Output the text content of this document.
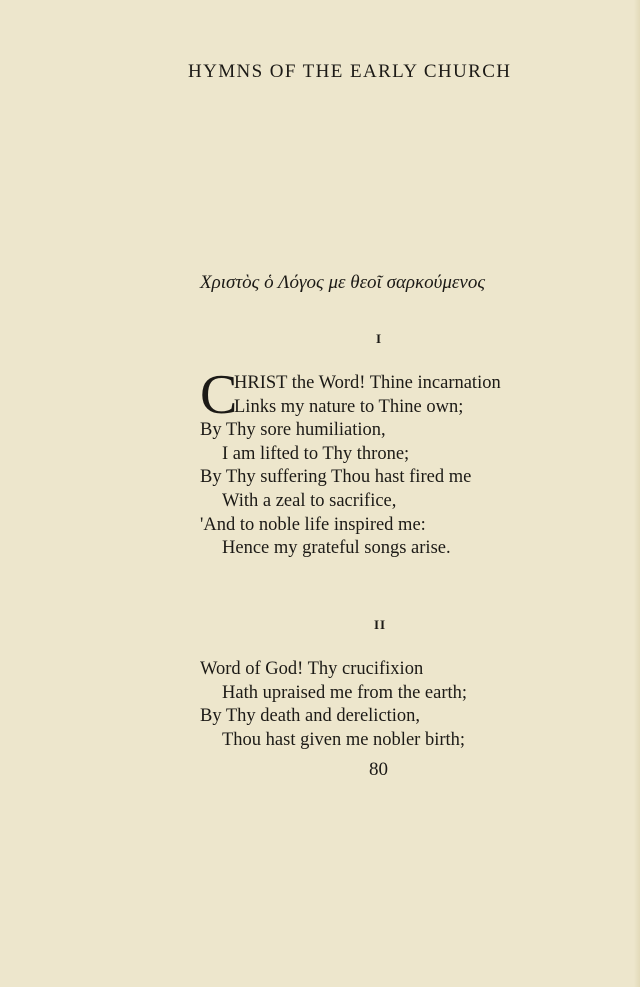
HYMNS OF THE EARLY CHURCH
Χριστὸς ὁ Λόγος με θεοῖ σαρκούμενος
I
C
HRIST the Word! Thine incarnation
Links my nature to Thine own;
By Thy sore humiliation,
I am lifted to Thy throne;
By Thy suffering Thou hast fired me
With a zeal to sacrifice,
'And to noble life inspired me:
Hence my grateful songs arise.
II
Word of God! Thy crucifixion
Hath upraised me from the earth;
By Thy death and dereliction,
Thou hast given me nobler birth;
80
